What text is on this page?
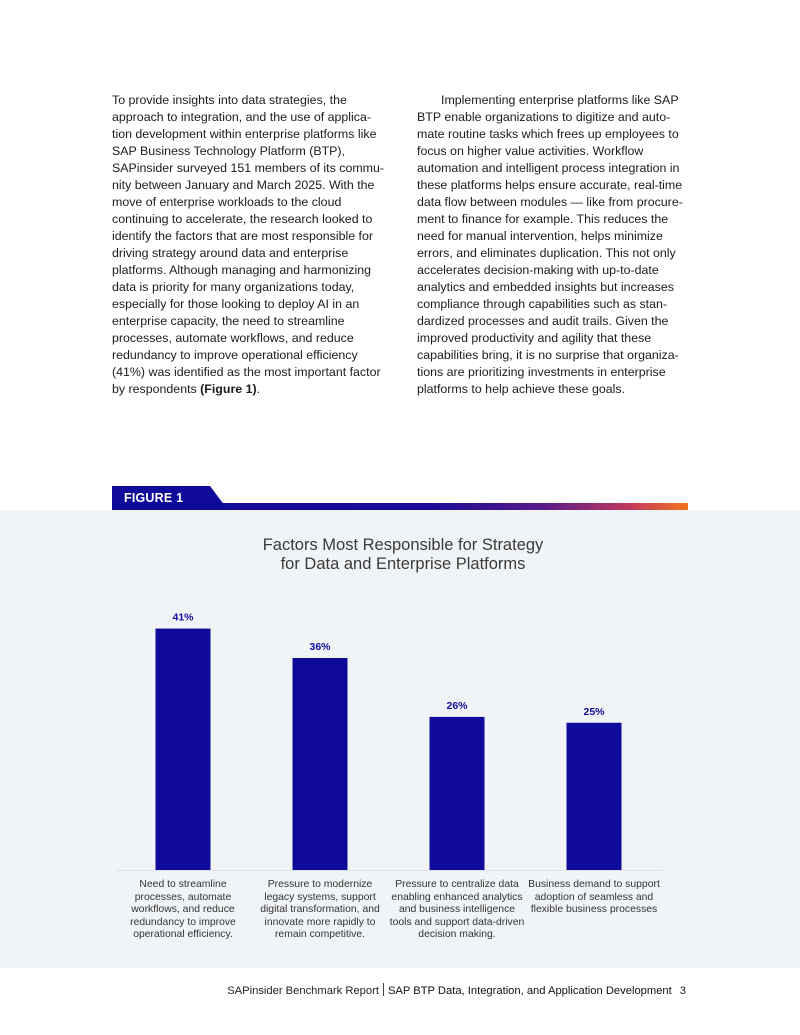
To provide insights into data strategies, the approach to integration, and the use of applica-tion development within enterprise platforms like SAP Business Technology Platform (BTP), SAPinsider surveyed 151 members of its commu-nity between January and March 2025. With the move of enterprise workloads to the cloud continuing to accelerate, the research looked to identify the factors that are most responsible for driving strategy around data and enterprise platforms. Although managing and harmonizing data is priority for many organizations today, especially for those looking to deploy AI in an enterprise capacity, the need to streamline processes, automate workflows, and reduce redundancy to improve operational efficiency (41%) was identified as the most important factor by respondents (Figure 1).

Implementing enterprise platforms like SAP BTP enable organizations to digitize and auto-mate routine tasks which frees up employees to focus on higher value activities. Workflow automation and intelligent process integration in these platforms helps ensure accurate, real-time data flow between modules — like from procure-ment to finance for example. This reduces the need for manual intervention, helps minimize errors, and eliminates duplication. This not only accelerates decision-making with up-to-date analytics and embedded insights but increases compliance through capabilities such as stan-dardized processes and audit trails. Given the improved productivity and agility that these capabilities bring, it is no surprise that organiza-tions are prioritizing investments in enterprise platforms to help achieve these goals.

FIGURE 1
Factors Most Responsible for Strategy
for Data and Enterprise Platforms
41%
36%
26%	25%
Need to streamline
processes, automate
workflows, and reduce
redundancy to improve
operational efficiency.
Pressure to modernize
legacy systems, support
digital transformation, and
innovate more rapidly to
remain competitive.
Pressure to centralize data
enabling enhanced analytics
and business intelligence
tools and support data-driven
decision making.
Business demand to support
adoption of seamless and
flexible business processes
SAPinsider Benchmark Report SAP BTP Data, Integration, and Application Development 3
